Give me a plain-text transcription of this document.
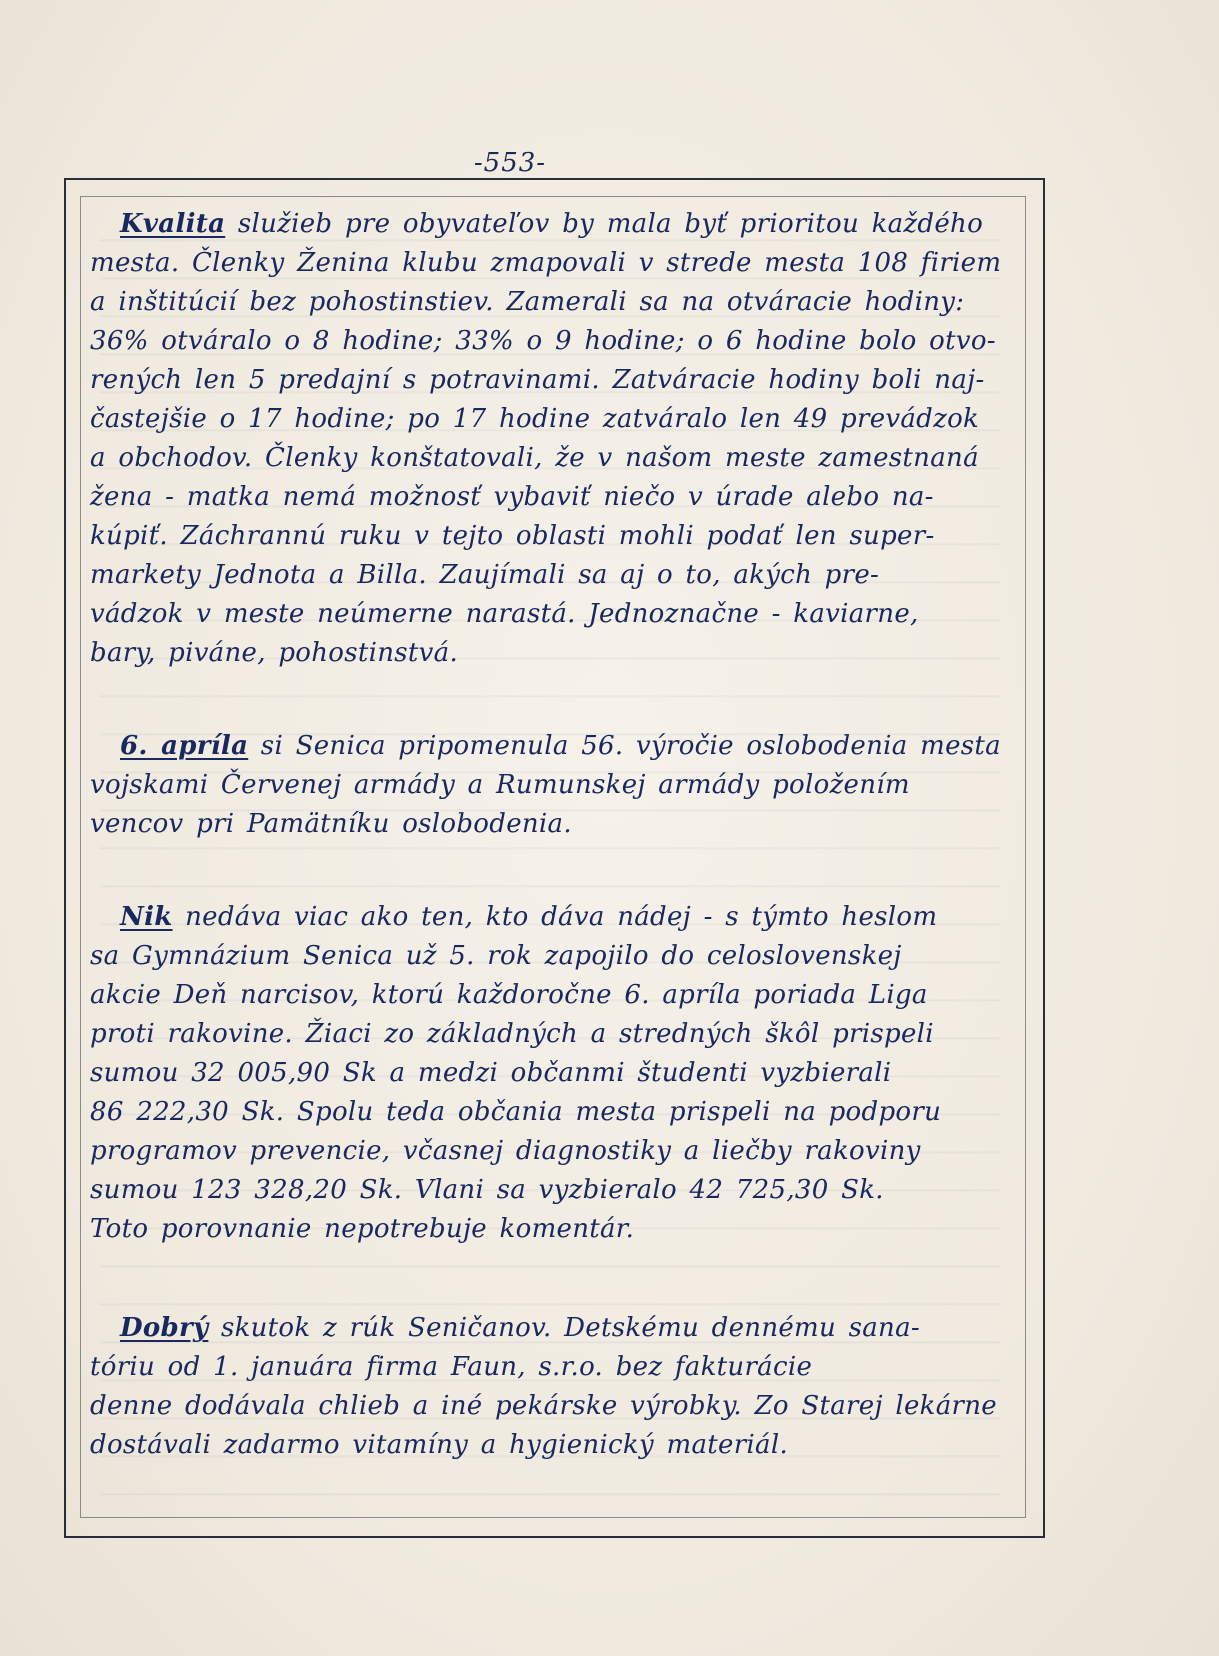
-553-
Kvalita služieb pre obyvateľov by mala byť prioritou každého
mesta. Členky Ženina klubu zmapovali v strede mesta 108 firiem
a inštitúcií bez pohostinstiev. Zamerali sa na otváracie hodiny:
36% otváralo o 8 hodine; 33% o 9 hodine; o 6 hodine bolo otvo-
rených len 5 predajní s potravinami. Zatváracie hodiny boli naj-
častejšie o 17 hodine; po 17 hodine zatváralo len 49 prevádzok
a obchodov. Členky konštatovali, že v našom meste zamestnaná
žena - matka nemá možnosť vybaviť niečo v úrade alebo na-
kúpiť. Záchrannú ruku v tejto oblasti mohli podať len super-
markety Jednota a Billa. Zaujímali sa aj o to, akých pre-
vádzok v meste neúmerne narastá. Jednoznačne - kaviarne,
bary, piváne, pohostinstvá.
6. apríla si Senica pripomenula 56. výročie oslobodenia mesta
vojskami Červenej armády a Rumunskej armády položením
vencov pri Pamätníku oslobodenia.
Nik nedáva viac ako ten, kto dáva nádej - s týmto heslom
sa Gymnázium Senica už 5. rok zapojilo do celoslovenskej
akcie Deň narcisov, ktorú každoročne 6. apríla poriada Liga
proti rakovine. Žiaci zo základných a stredných škôl prispeli
sumou 32 005,90 Sk a medzi občanmi študenti vyzbierali
86 222,30 Sk. Spolu teda občania mesta prispeli na podporu
programov prevencie, včasnej diagnostiky a liečby rakoviny
sumou 123 328,20 Sk. Vlani sa vyzbieralo 42 725,30 Sk.
Toto porovnanie nepotrebuje komentár.
Dobrý skutok z rúk Seničanov. Detskému dennému sana-
tóriu od 1. januára firma Faun, s.r.o. bez fakturácie
denne dodávala chlieb a iné pekárske výrobky. Zo Starej lekárne
dostávali zadarmo vitamíny a hygienický materiál.
